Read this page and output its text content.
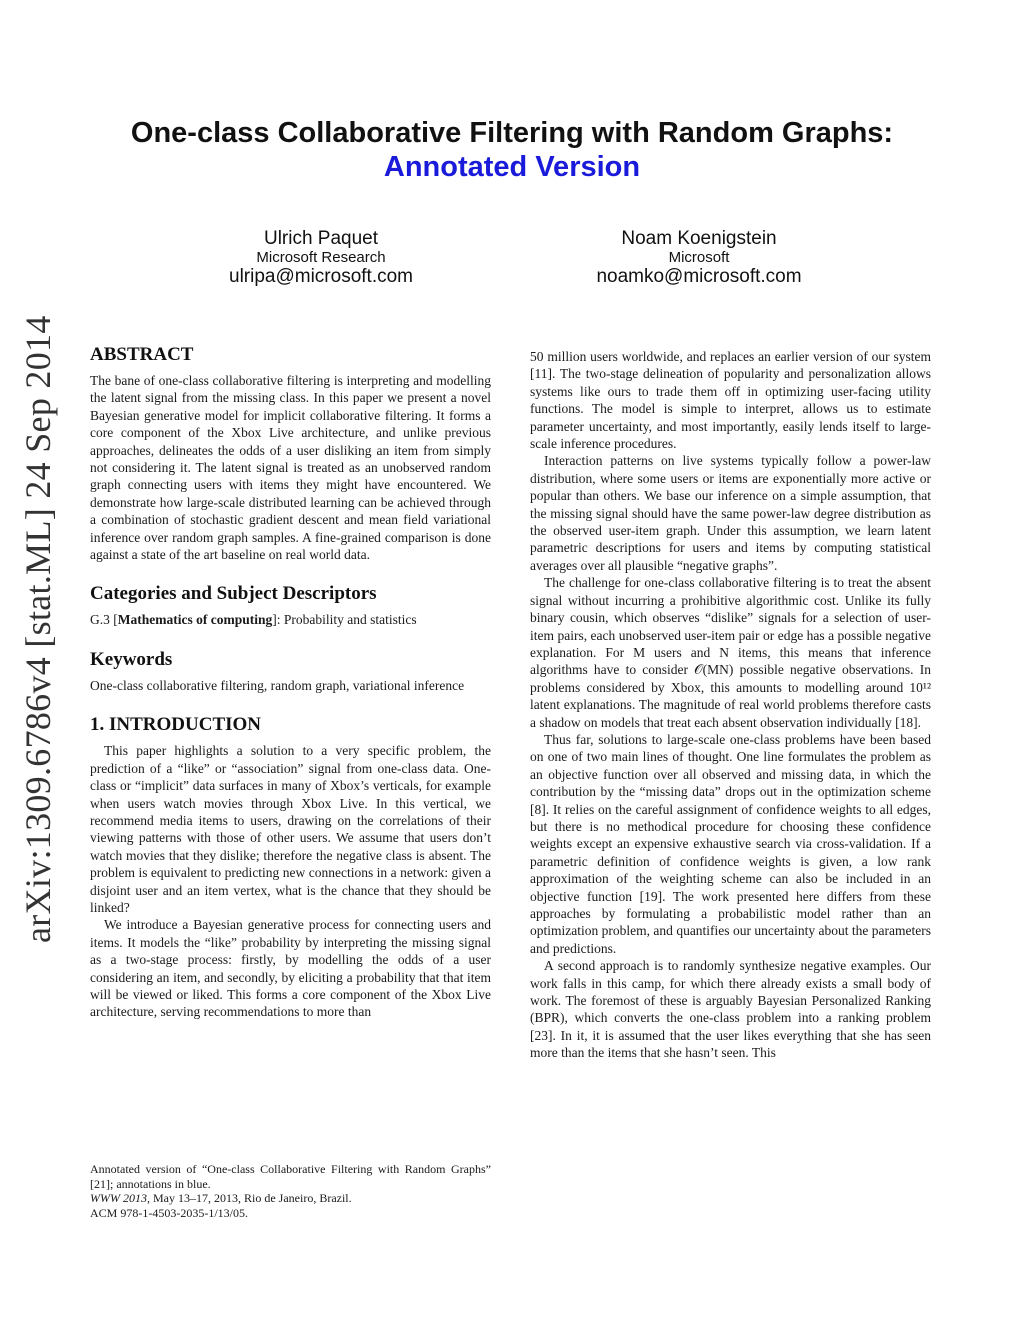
arXiv:1309.6786v4 [stat.ML] 24 Sep 2014
One-class Collaborative Filtering with Random Graphs:
Annotated Version
Ulrich Paquet
Microsoft Research
ulripa@microsoft.com
Noam Koenigstein
Microsoft
noamko@microsoft.com
ABSTRACT

The bane of one-class collaborative filtering is interpreting and modelling the latent signal from the missing class. In this paper we present a novel Bayesian generative model for implicit collaborative filtering. It forms a core component of the Xbox Live architecture, and unlike previous approaches, delineates the odds of a user disliking an item from simply not considering it. The latent signal is treated as an unobserved random graph connecting users with items they might have encountered. We demonstrate how large-scale distributed learning can be achieved through a combination of stochastic gradient descent and mean field variational inference over random graph samples. A fine-grained comparison is done against a state of the art baseline on real world data.

Categories and Subject Descriptors

G.3 [Mathematics of computing]: Probability and statistics

Keywords

One-class collaborative filtering, random graph, variational inference

1. INTRODUCTION

This paper highlights a solution to a very specific problem, the prediction of a “like” or “association” signal from one-class data. One-class or “implicit” data surfaces in many of Xbox’s verticals, for example when users watch movies through Xbox Live. In this vertical, we recommend media items to users, drawing on the correlations of their viewing patterns with those of other users. We assume that users don’t watch movies that they dislike; therefore the negative class is absent. The problem is equivalent to predicting new connections in a network: given a disjoint user and an item vertex, what is the chance that they should be linked?

We introduce a Bayesian generative process for connecting users and items. It models the “like” probability by interpreting the missing signal as a two-stage process: firstly, by modelling the odds of a user considering an item, and secondly, by eliciting a probability that that item will be viewed or liked. This forms a core component of the Xbox Live architecture, serving recommendations to more than

50 million users worldwide, and replaces an earlier version of our system [11]. The two-stage delineation of popularity and personalization allows systems like ours to trade them off in optimizing user-facing utility functions. The model is simple to interpret, allows us to estimate parameter uncertainty, and most importantly, easily lends itself to large-scale inference procedures.

Interaction patterns on live systems typically follow a power-law distribution, where some users or items are exponentially more active or popular than others. We base our inference on a simple assumption, that the missing signal should have the same power-law degree distribution as the observed user-item graph. Under this assumption, we learn latent parametric descriptions for users and items by computing statistical averages over all plausible “negative graphs”.

The challenge for one-class collaborative filtering is to treat the absent signal without incurring a prohibitive algorithmic cost. Unlike its fully binary cousin, which observes “dislike” signals for a selection of user-item pairs, each unobserved user-item pair or edge has a possible negative explanation. For M users and N items, this means that inference algorithms have to consider 𝒪(MN) possible negative observations. In problems considered by Xbox, this amounts to modelling around 10¹² latent explanations. The magnitude of real world problems therefore casts a shadow on models that treat each absent observation individually [18].

Thus far, solutions to large-scale one-class problems have been based on one of two main lines of thought. One line formulates the problem as an objective function over all observed and missing data, in which the contribution by the “missing data” drops out in the optimization scheme [8]. It relies on the careful assignment of confidence weights to all edges, but there is no methodical procedure for choosing these confidence weights except an expensive exhaustive search via cross-validation. If a parametric definition of confidence weights is given, a low rank approximation of the weighting scheme can also be included in an objective function [19]. The work presented here differs from these approaches by formulating a probabilistic model rather than an optimization problem, and quantifies our uncertainty about the parameters and predictions.

A second approach is to randomly synthesize negative examples. Our work falls in this camp, for which there already exists a small body of work. The foremost of these is arguably Bayesian Personalized Ranking (BPR), which converts the one-class problem into a ranking problem [23]. In it, it is assumed that the user likes everything that she has seen more than the items that she hasn’t seen. This

Annotated version of “One-class Collaborative Filtering with Random Graphs” [21]; annotations in blue.
WWW 2013, May 13–17, 2013, Rio de Janeiro, Brazil.
ACM 978-1-4503-2035-1/13/05.
